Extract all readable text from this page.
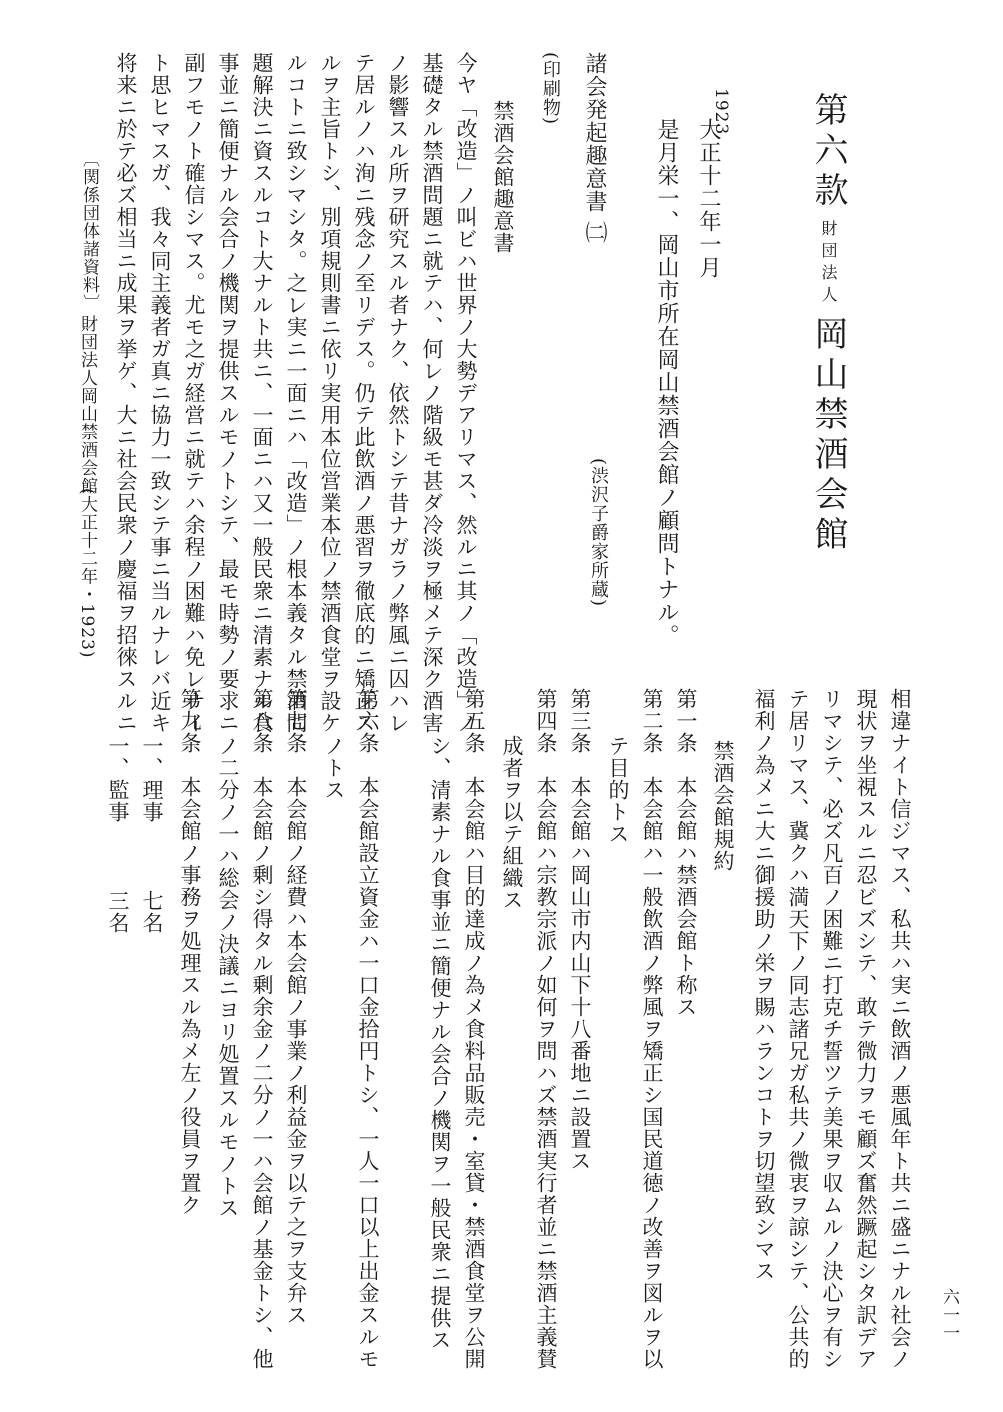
第六款財団法人岡山禁酒会館
1923
大正十二年一月
是月栄一、岡山市所在岡山禁酒会館ノ顧問トナル。
諸会発起趣意書 ㈡
(渋沢子爵家所蔵)
(印刷物)
禁酒会館趣意書
今ヤ「改造」ノ叫ビハ世界ノ大勢デアリマス、然ルニ其ノ「改造」ノ
基礎タル禁酒問題ニ就テハ、何レノ階級モ甚ダ冷淡ヲ極メテ深ク酒害
ノ影響スル所ヲ研究スル者ナク、依然トシテ昔ナガラノ弊風ニ囚ハレ
テ居ルノハ洵ニ残念ノ至リデス。仍テ此飲酒ノ悪習ヲ徹底的ニ矯正ス
ルヲ主旨トシ、別項規則書ニ依リ実用本位営業本位ノ禁酒食堂ヲ設ケ
ルコトニ致シマシタ。之レ実ニ一面ニハ「改造」ノ根本義タル禁酒問
題解決ニ資スルコト大ナルト共ニ、一面ニハ又一般民衆ニ清素ナル食
事並ニ簡便ナル会合ノ機関ヲ提供スルモノトシテ、最モ時勢ノ要求ニ
副フモノト確信シマス。尤モ之ガ経営ニ就テハ余程ノ困難ハ免レナイ
ト思ヒマスガ、我々同主義者ガ真ニ協力一致シテ事ニ当ルナレバ近キ
将来ニ於テ必ズ相当ニ成果ヲ挙ゲ、大ニ社会民衆ノ慶福ヲ招徠スルニ
〔関係団体諸資料〕
財団法人岡山禁酒会館
(大正十二年・1923)
相違ナイト信ジマス、私共ハ実ニ飲酒ノ悪風年ト共ニ盛ニナル社会ノ
現状ヲ坐視スルニ忍ビズシテ、敢テ微力ヲモ顧ズ奮然蹶起シタ訳デア
リマシテ、必ズ凡百ノ困難ニ打克チ誓ツテ美果ヲ収ムルノ決心ヲ有シ
テ居リマス、冀クハ満天下ノ同志諸兄ガ私共ノ微衷ヲ諒シテ、公共的
福利ノ為メニ大ニ御援助ノ栄ヲ賜ハランコトヲ切望致シマス
禁酒会館規約
第一条　本会館ハ禁酒会館ト称ス
第二条　本会館ハ一般飲酒ノ弊風ヲ矯正シ国民道徳ノ改善ヲ図ルヲ以
テ目的トス
第三条　本会館ハ岡山市内山下十八番地ニ設置ス
第四条　本会館ハ宗教宗派ノ如何ヲ問ハズ禁酒実行者並ニ禁酒主義賛
成者ヲ以テ組織ス
第五条　本会館ハ目的達成ノ為メ食料品販売・室貸・禁酒食堂ヲ公開
シ、清素ナル食事並ニ簡便ナル会合ノ機関ヲ一般民衆ニ提供ス
第六条　本会館設立資金ハ一口金拾円トシ、一人一口以上出金スルモ
ノトス
第七条　本会館ノ経費ハ本会館ノ事業ノ利益金ヲ以テ之ヲ支弁ス
第八条　本会館ノ剰シ得タル剰余金ノ二分ノ一ハ会館ノ基金トシ、他
ノ二分ノ一ハ総会ノ決議ニヨリ処置スルモノトス
第九条　本会館ノ事務ヲ処理スル為メ左ノ役員ヲ置ク
一、理事
七名
一、監事
三名
六一一
